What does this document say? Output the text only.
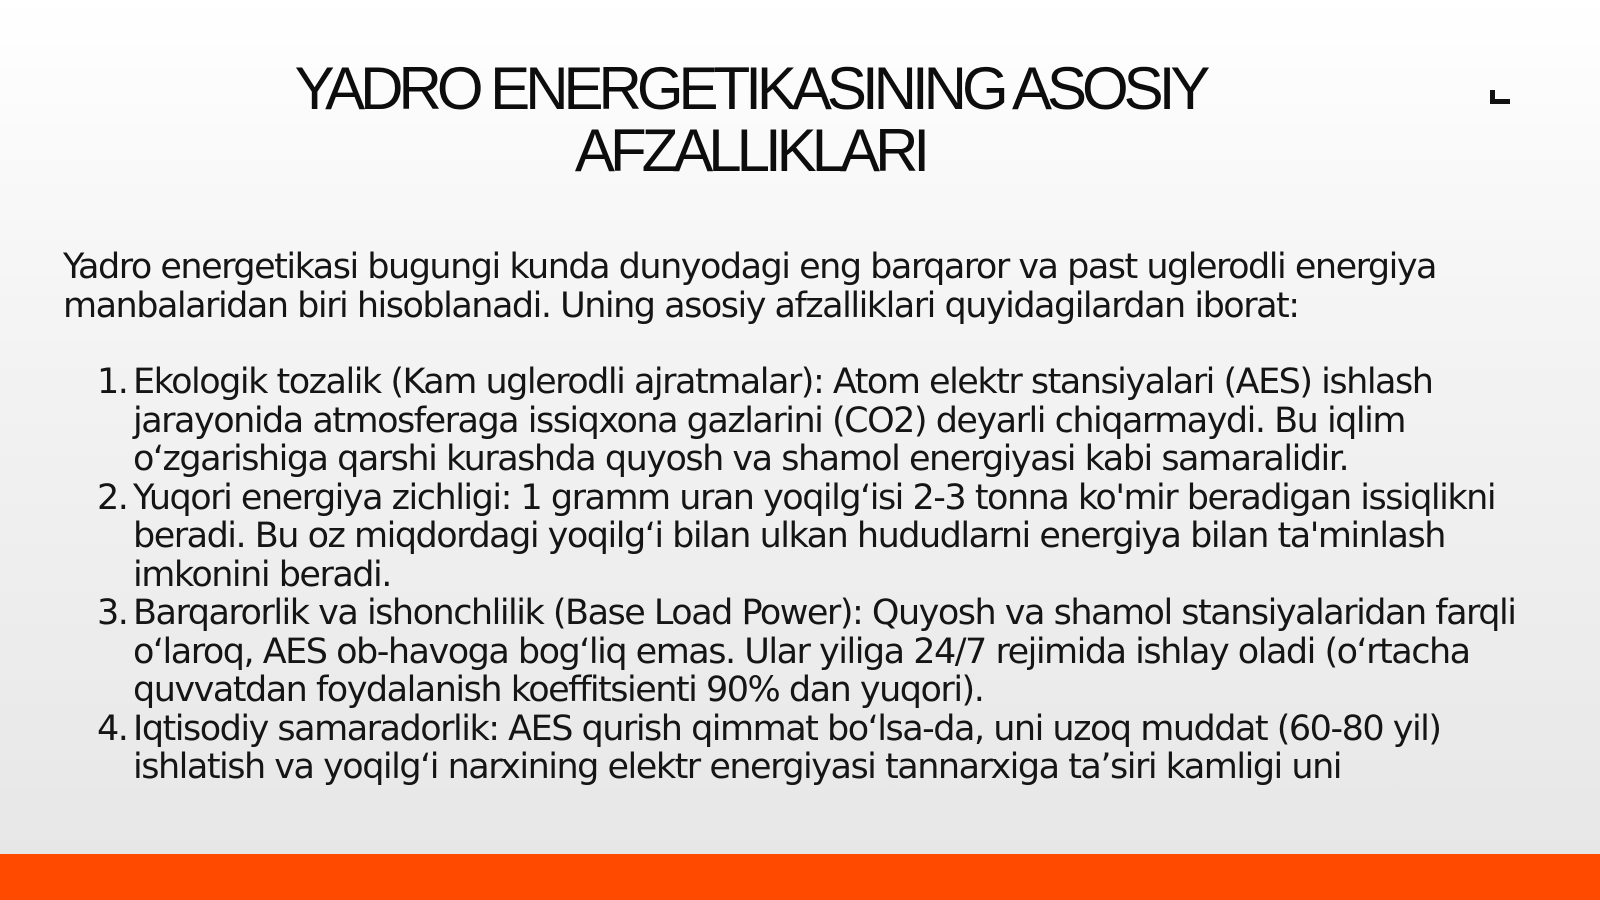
YADRO ENERGETIKASINING ASOSIY
AFZALLIKLARI

Yadro energetikasi bugungi kunda dunyodagi eng barqaror va past uglerodli energiya manbalaridan biri hisoblanadi. Uning asosiy afzalliklari quyidagilardan iborat:

1. Ekologik tozalik (Kam uglerodli ajratmalar): Atom elektr stansiyalari (AES) ishlash jarayonida atmosferaga issiqxona gazlarini (CO2) deyarli chiqarmaydi. Bu iqlim oʻzgarishiga qarshi kurashda quyosh va shamol energiyasi kabi samaralidir.
2. Yuqori energiya zichligi: 1 gramm uran yoqilgʻisi 2-3 tonna ko'mir beradigan issiqlikni beradi. Bu oz miqdordagi yoqilgʻi bilan ulkan hududlarni energiya bilan ta'minlash imkonini beradi.
3. Barqarorlik va ishonchlilik (Base Load Power): Quyosh va shamol stansiyalaridan farqli oʻlaroq, AES ob-havoga bogʻliq emas. Ular yiliga 24/7 rejimida ishlay oladi (oʻrtacha quvvatdan foydalanish koeffitsienti 90% dan yuqori).
4. Iqtisodiy samaradorlik: AES qurish qimmat boʻlsa-da, uni uzoq muddat (60-80 yil) ishlatish va yoqilgʻi narxining elektr energiyasi tannarxiga taʼsiri kamligi uni
